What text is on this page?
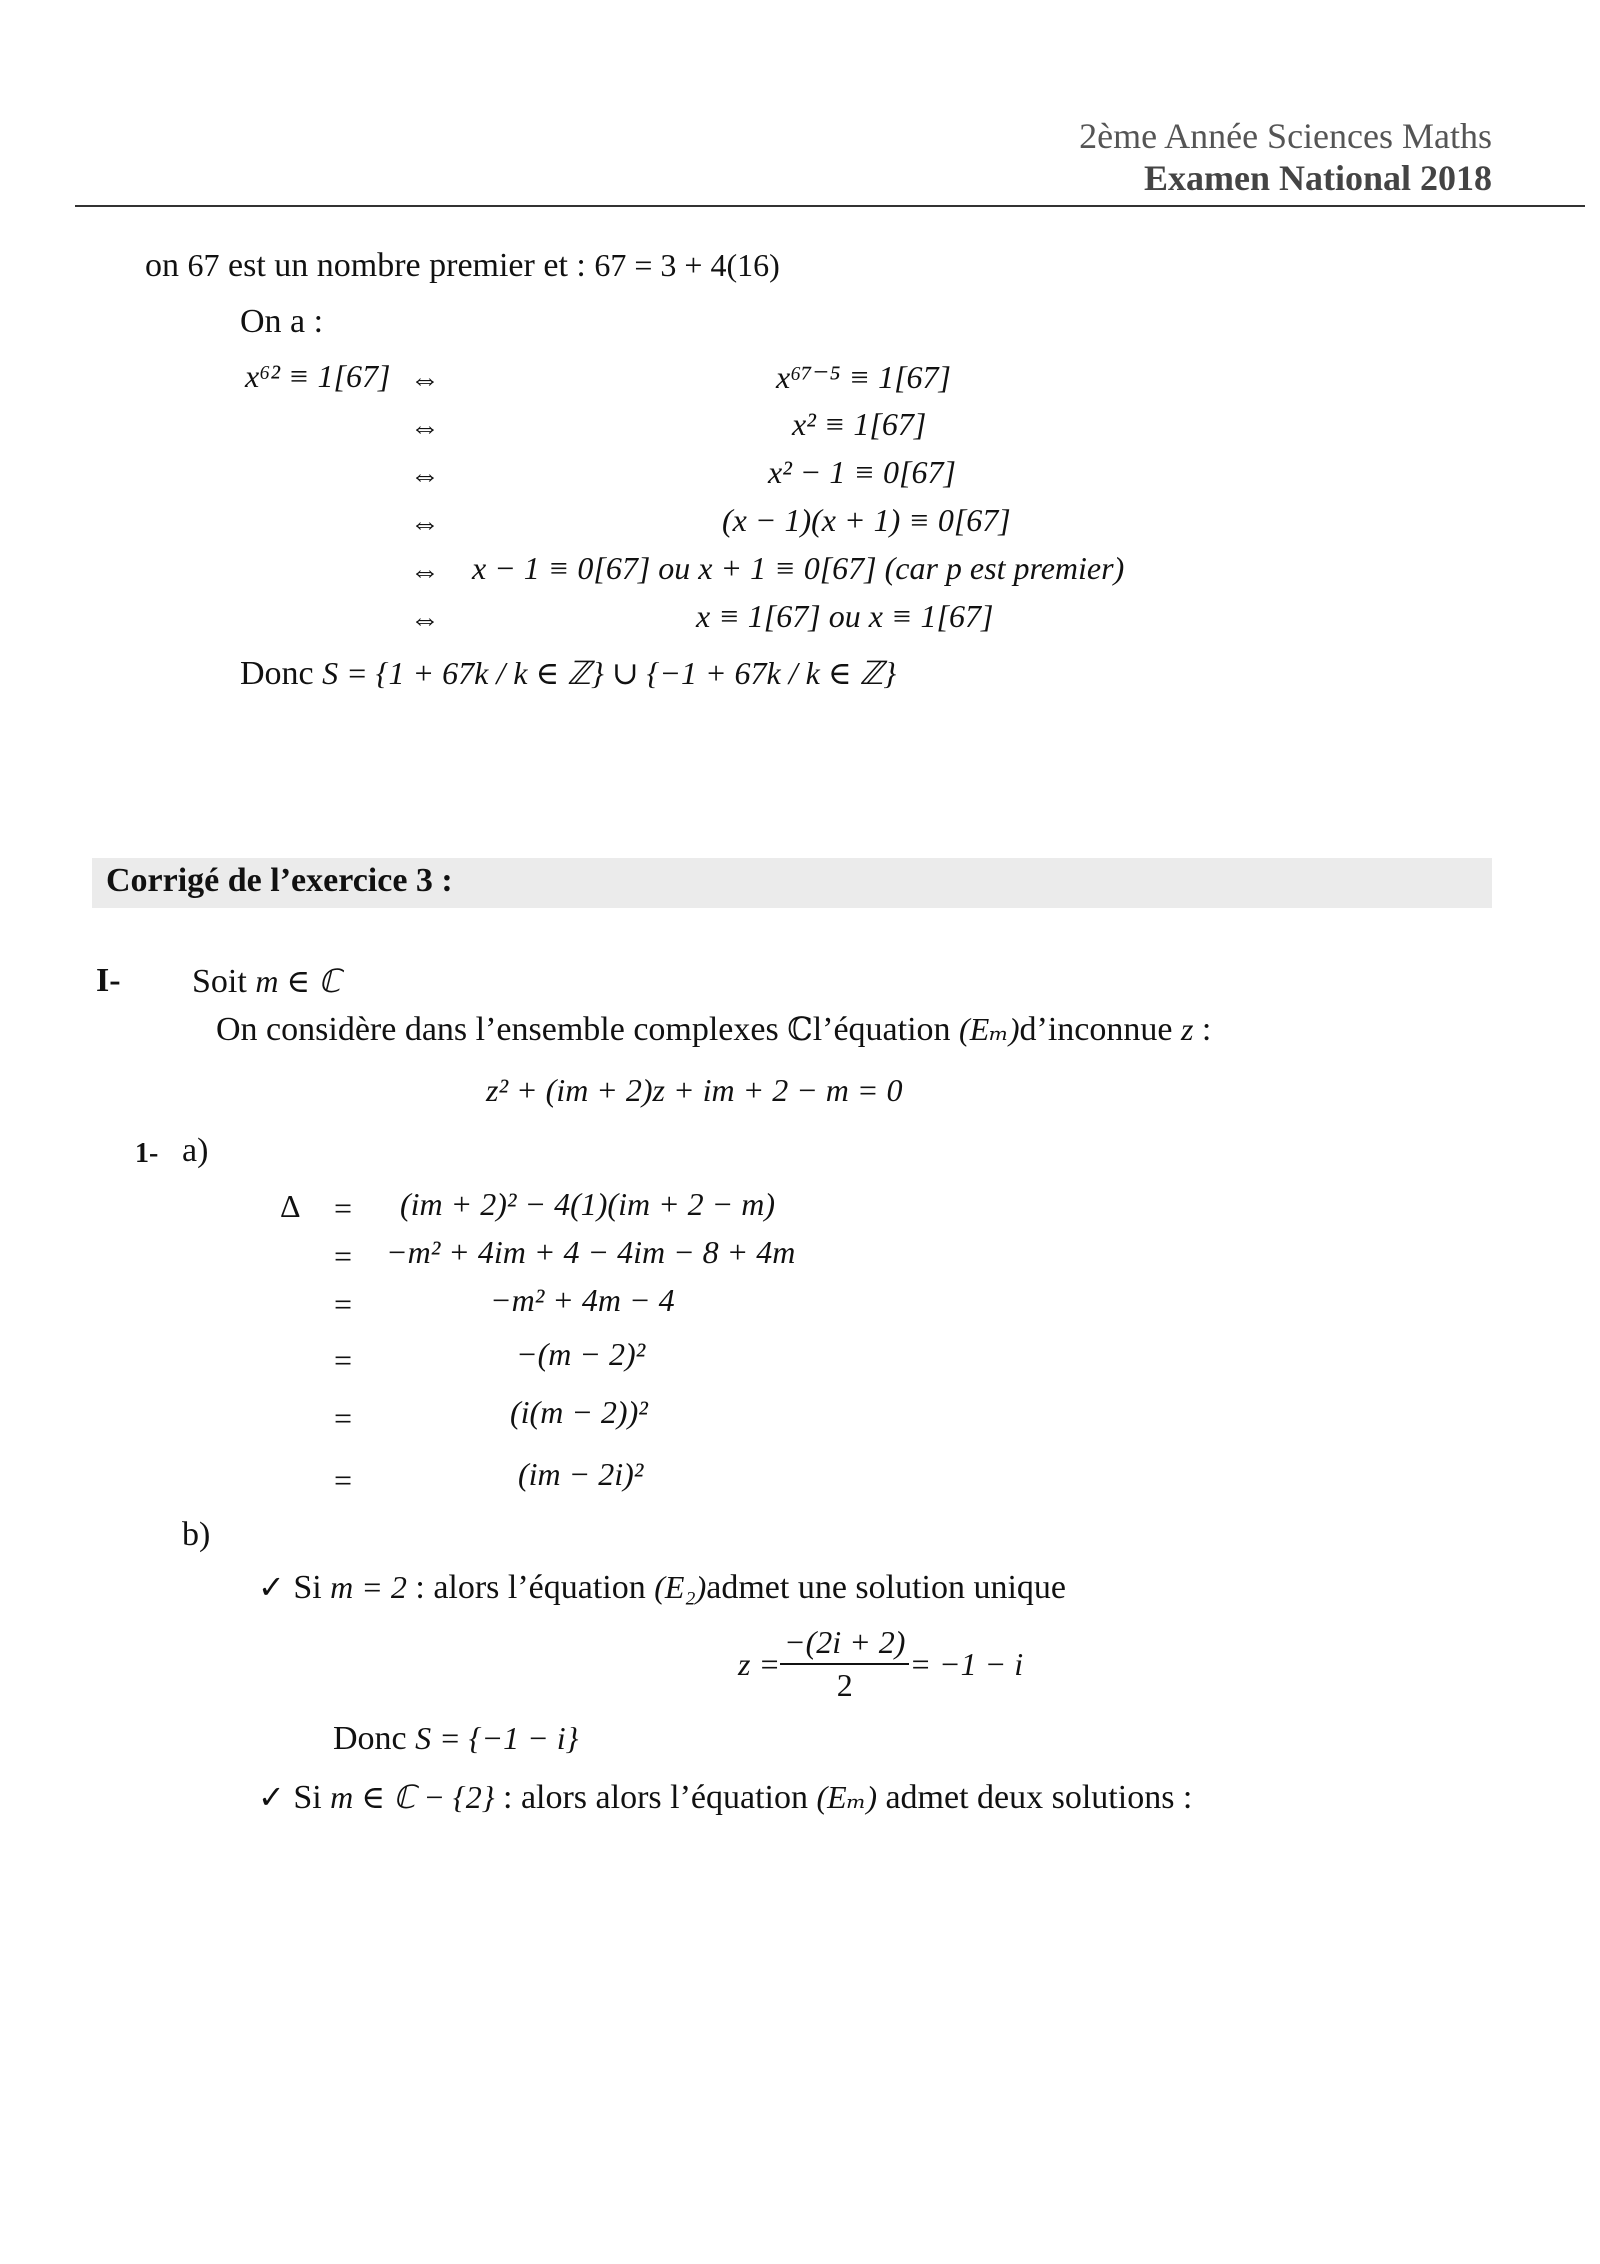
2ème Année Sciences Maths
Examen National 2018
on 67 est un nombre premier et : 67 = 3 + 4(16)
On a :
x⁶² ≡ 1[67] ⇔
⇔
⇔
⇔
⇔
⇔
x⁶⁷⁻⁵ ≡ 1[67]
x² ≡ 1[67]
x² − 1 ≡ 0[67]
(x − 1)(x + 1) ≡ 0[67]
x − 1 ≡ 0[67] ou x + 1 ≡ 0[67] (car p est premier)
x ≡ 1[67] ou x ≡ 1[67]
Donc S = {1 + 67k / k ∈ ℤ} ∪ {−1 + 67k / k ∈ ℤ}
Corrigé de l’exercice 3 :
I- Soit m ∈ ℂ
On considère dans l’ensemble complexes ℂl’équation (Eₘ)d’inconnue z :
z² + (im + 2)z + im + 2 − m = 0
1- a)
Δ =
=
=
=
=
=
(im + 2)² − 4(1)(im + 2 − m)
−m² + 4im + 4 − 4im − 8 + 4m
−m² + 4m − 4
−(m − 2)²
(i(m − 2))²
(im − 2i)²
b)
✓ Si m = 2 : alors l’équation (E₂)admet une solution unique
$z = \frac{-(2i + 2)}{2} = -1 - i$
Donc S = {−1 − i}
✓ Si m ∈ ℂ − {2} : alors alors l’équation (Eₘ) admet deux solutions :
